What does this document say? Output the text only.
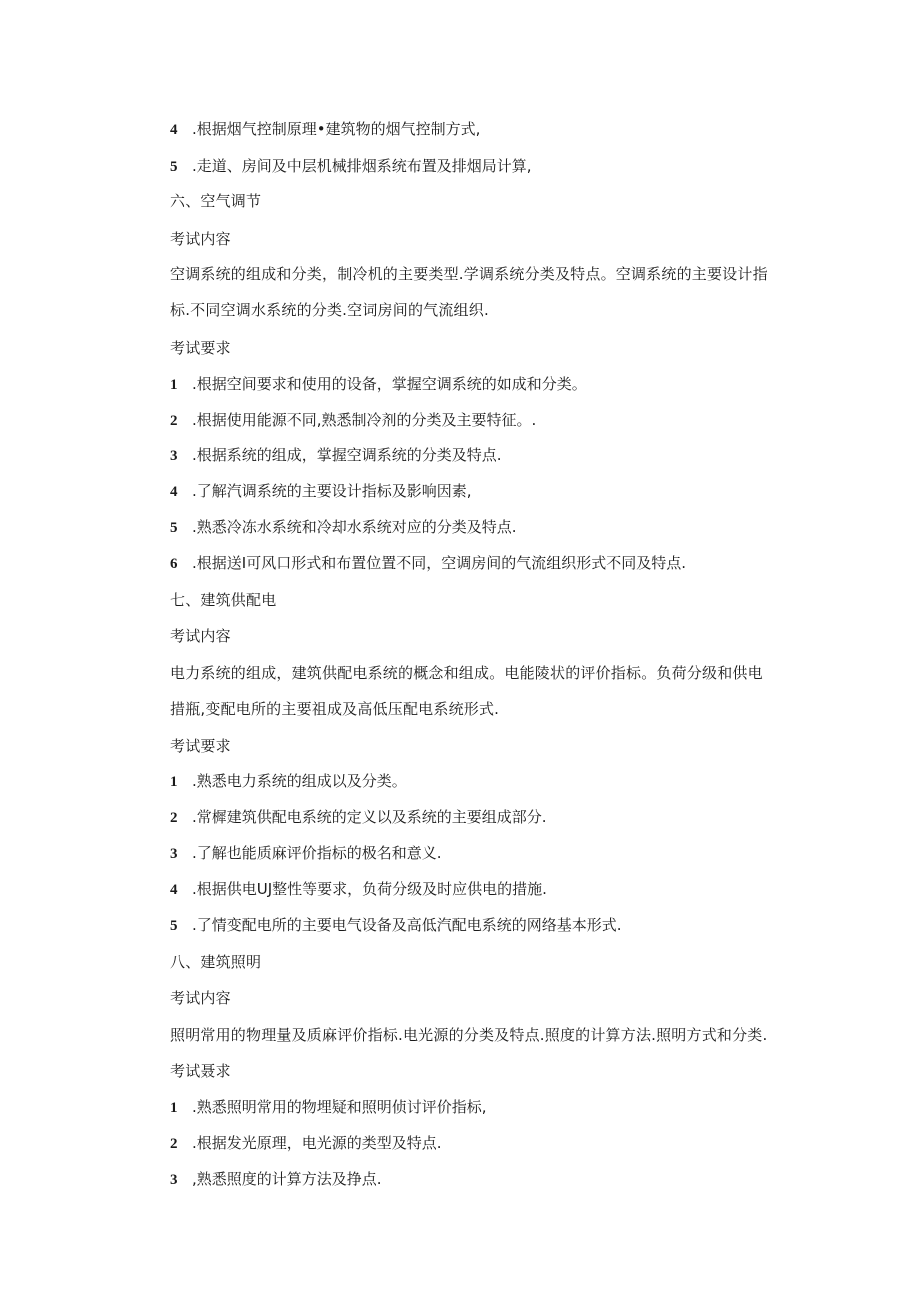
4 .根据烟气控制原理•建筑物的烟气控制方式,
5 .走道、房间及中层机械排烟系统布置及排烟局计算,
六、空气调节
考试内容
空调系统的组成和分类，制冷机的主要类型.学调系统分类及特点。空调系统的主要设计指
标.不同空调水系统的分类.空词房间的气流组织.
考试要求
1 .根据空间要求和使用的设备，掌握空调系统的如成和分类。
2 .根据使用能源不同,熟悉制冷剂的分类及主要特征。.
3 .根据系统的组成，掌握空调系统的分类及特点.
4 .了解汽调系统的主要设计指标及影响因素,
5 .熟悉冷冻水系统和冷却水系统对应的分类及特点.
6 .根据送I可风口形式和布置位置不同，空调房间的气流组织形式不同及特点.
七、建筑供配电
考试内容
电力系统的组成，建筑供配电系统的概念和组成。电能陵状的评价指标。负荷分级和供电
措瓶,变配电所的主要祖成及高低压配电系统形式.
考试要求
1 .熟悉电力系统的组成以及分类。
2 .常樨建筑供配电系统的定义以及系统的主要组成部分.
3 .了解也能质麻评价指标的极名和意义.
4 .根据供电UJ整性等要求，负荷分级及时应供电的措施.
5 .了情变配电所的主要电气设备及高低汽配电系统的网络基本形式.
八、建筑照明
考试内容
照明常用的物理量及质麻评价指标.电光源的分类及特点.照度的计算方法.照明方式和分类.
考试聂求
1 .熟悉照明常用的物埋疑和照明侦讨评价指标,
2 .根据发光原理，电光源的类型及特点.
3 ,熟悉照度的计算方法及挣点.
